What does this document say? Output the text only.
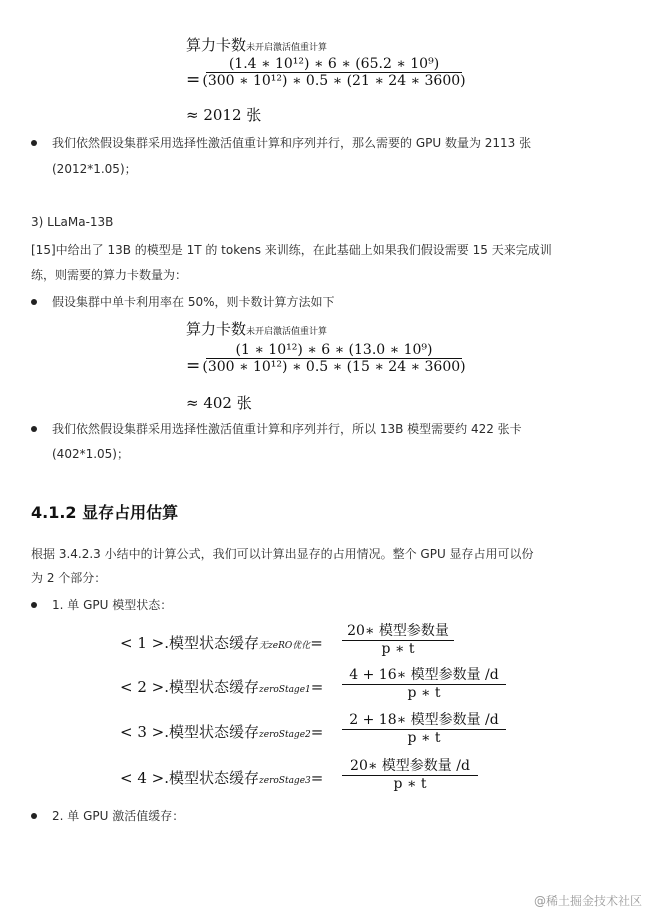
算力卡数未开启激活值重计算
=
(1.4 ∗ 10¹²) ∗ 6 ∗ (65.2 ∗ 10⁹)
(300 ∗ 10¹²) ∗ 0.5 ∗ (21 ∗ 24 ∗ 3600)
≈ 2012 张
我们依然假设集群采用选择性激活值重计算和序列并行，那么需要的 GPU 数量为 2113 张
(2012*1.05)；
3) LLaMa-13B
[15]中给出了 13B 的模型是 1T 的 tokens 来训练，在此基础上如果我们假设需要 15 天来完成训
练，则需要的算力卡数量为：
假设集群中单卡利用率在 50%，则卡数计算方法如下
算力卡数未开启激活值重计算
=
(1 ∗ 10¹²) ∗ 6 ∗ (13.0 ∗ 10⁹)
(300 ∗ 10¹²) ∗ 0.5 ∗ (15 ∗ 24 ∗ 3600)
≈ 402 张
我们依然假设集群采用选择性激活值重计算和序列并行，所以 13B 模型需要约 422 张卡
(402*1.05)；
4.1.2 显存占用估算
根据 3.4.2.3 小结中的计算公式，我们可以计算出显存的占用情况。整个 GPU 显存占用可以份
为 2 个部分：
1. 单 GPU 模型状态：
< 1 >.模型状态缓存无zeRO优化=
20∗ 模型参数量
p ∗ t
< 2 >.模型状态缓存zeroStage1=
4 + 16∗ 模型参数量 /d
p ∗ t
< 3 >.模型状态缓存zeroStage2=
2 + 18∗ 模型参数量 /d
p ∗ t
< 4 >.模型状态缓存zeroStage3=
20∗ 模型参数量 /d
p ∗ t
2. 单 GPU 激活值缓存：
@稀土掘金技术社区
